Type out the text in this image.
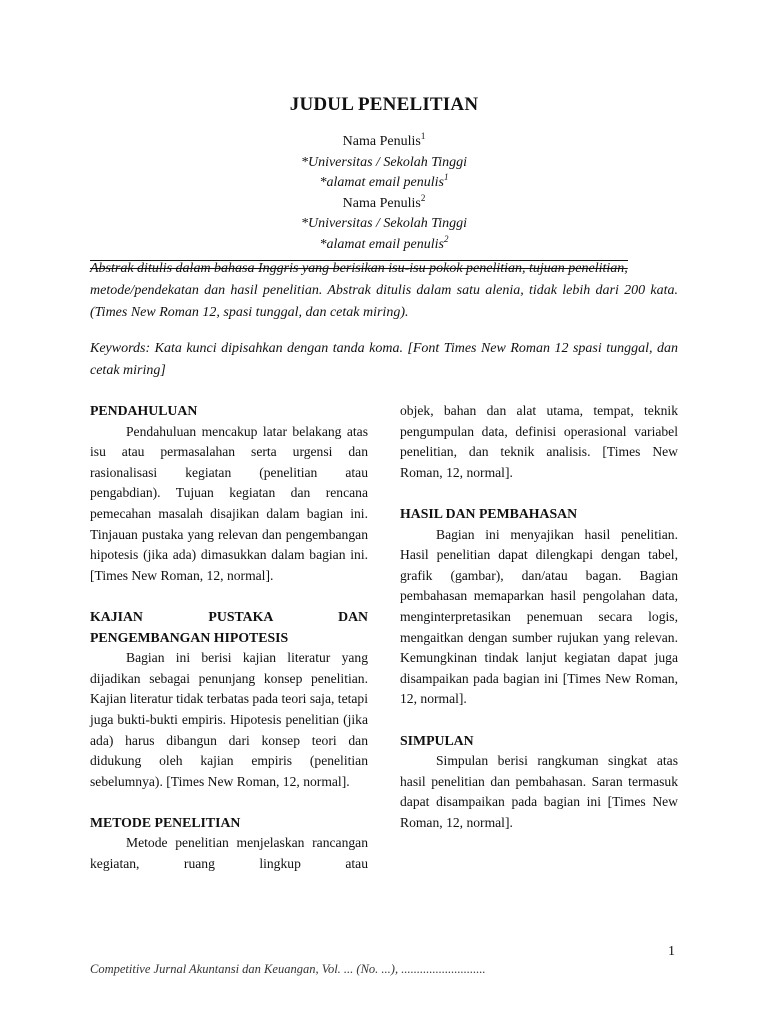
JUDUL PENELITIAN
Nama Penulis$^1$
*Universitas / Sekolah Tinggi
*alamat email penulis$^1$
Nama Penulis$^2$
*Universitas / Sekolah Tinggi
*alamat email penulis$^2$

Abstrak ditulis dalam bahasa Inggris yang berisikan isu-isu pokok penelitian, tujuan penelitian,

metode/pendekatan dan hasil penelitian. Abstrak ditulis dalam satu alenia, tidak lebih dari 200 kata. (Times New Roman 12, spasi tunggal, dan cetak miring).

Keywords: Kata kunci dipisahkan dengan tanda koma. [Font Times New Roman 12 spasi tunggal, dan cetak miring]

PENDAHULUAN

Pendahuluan mencakup latar belakang atas isu atau permasalahan serta urgensi dan rasionalisasi kegiatan (penelitian atau pengabdian). Tujuan kegiatan dan rencana pemecahan masalah disajikan dalam bagian ini. Tinjauan pustaka yang relevan dan pengembangan hipotesis (jika ada) dimasukkan dalam bagian ini. [Times New Roman, 12, normal].

KAJIAN PUSTAKA DAN

PENGEMBANGAN HIPOTESIS

Bagian ini berisi kajian literatur yang dijadikan sebagai penunjang konsep penelitian. Kajian literatur tidak terbatas pada teori saja, tetapi juga bukti-bukti empiris. Hipotesis penelitian (jika ada) harus dibangun dari konsep teori dan didukung oleh kajian empiris (penelitian sebelumnya). [Times New Roman, 12, normal].

METODE PENELITIAN

Metode penelitian menjelaskan rancangan kegiatan, ruang lingkup atau

objek, bahan dan alat utama, tempat, teknik pengumpulan data, definisi operasional variabel penelitian, dan teknik analisis. [Times New Roman, 12, normal].

HASIL DAN PEMBAHASAN

Bagian ini menyajikan hasil penelitian. Hasil penelitian dapat dilengkapi dengan tabel, grafik (gambar), dan/atau bagan. Bagian pembahasan memaparkan hasil pengolahan data, menginterpretasikan penemuan secara logis, mengaitkan dengan sumber rujukan yang relevan. Kemungkinan tindak lanjut kegiatan dapat juga disampaikan pada bagian ini [Times New Roman, 12, normal].

SIMPULAN

Simpulan berisi rangkuman singkat atas hasil penelitian dan pembahasan. Saran termasuk dapat disampaikan pada bagian ini [Times New Roman, 12, normal].

1
Competitive Jurnal Akuntansi dan Keuangan, Vol. ... (No. ...), ...........................
